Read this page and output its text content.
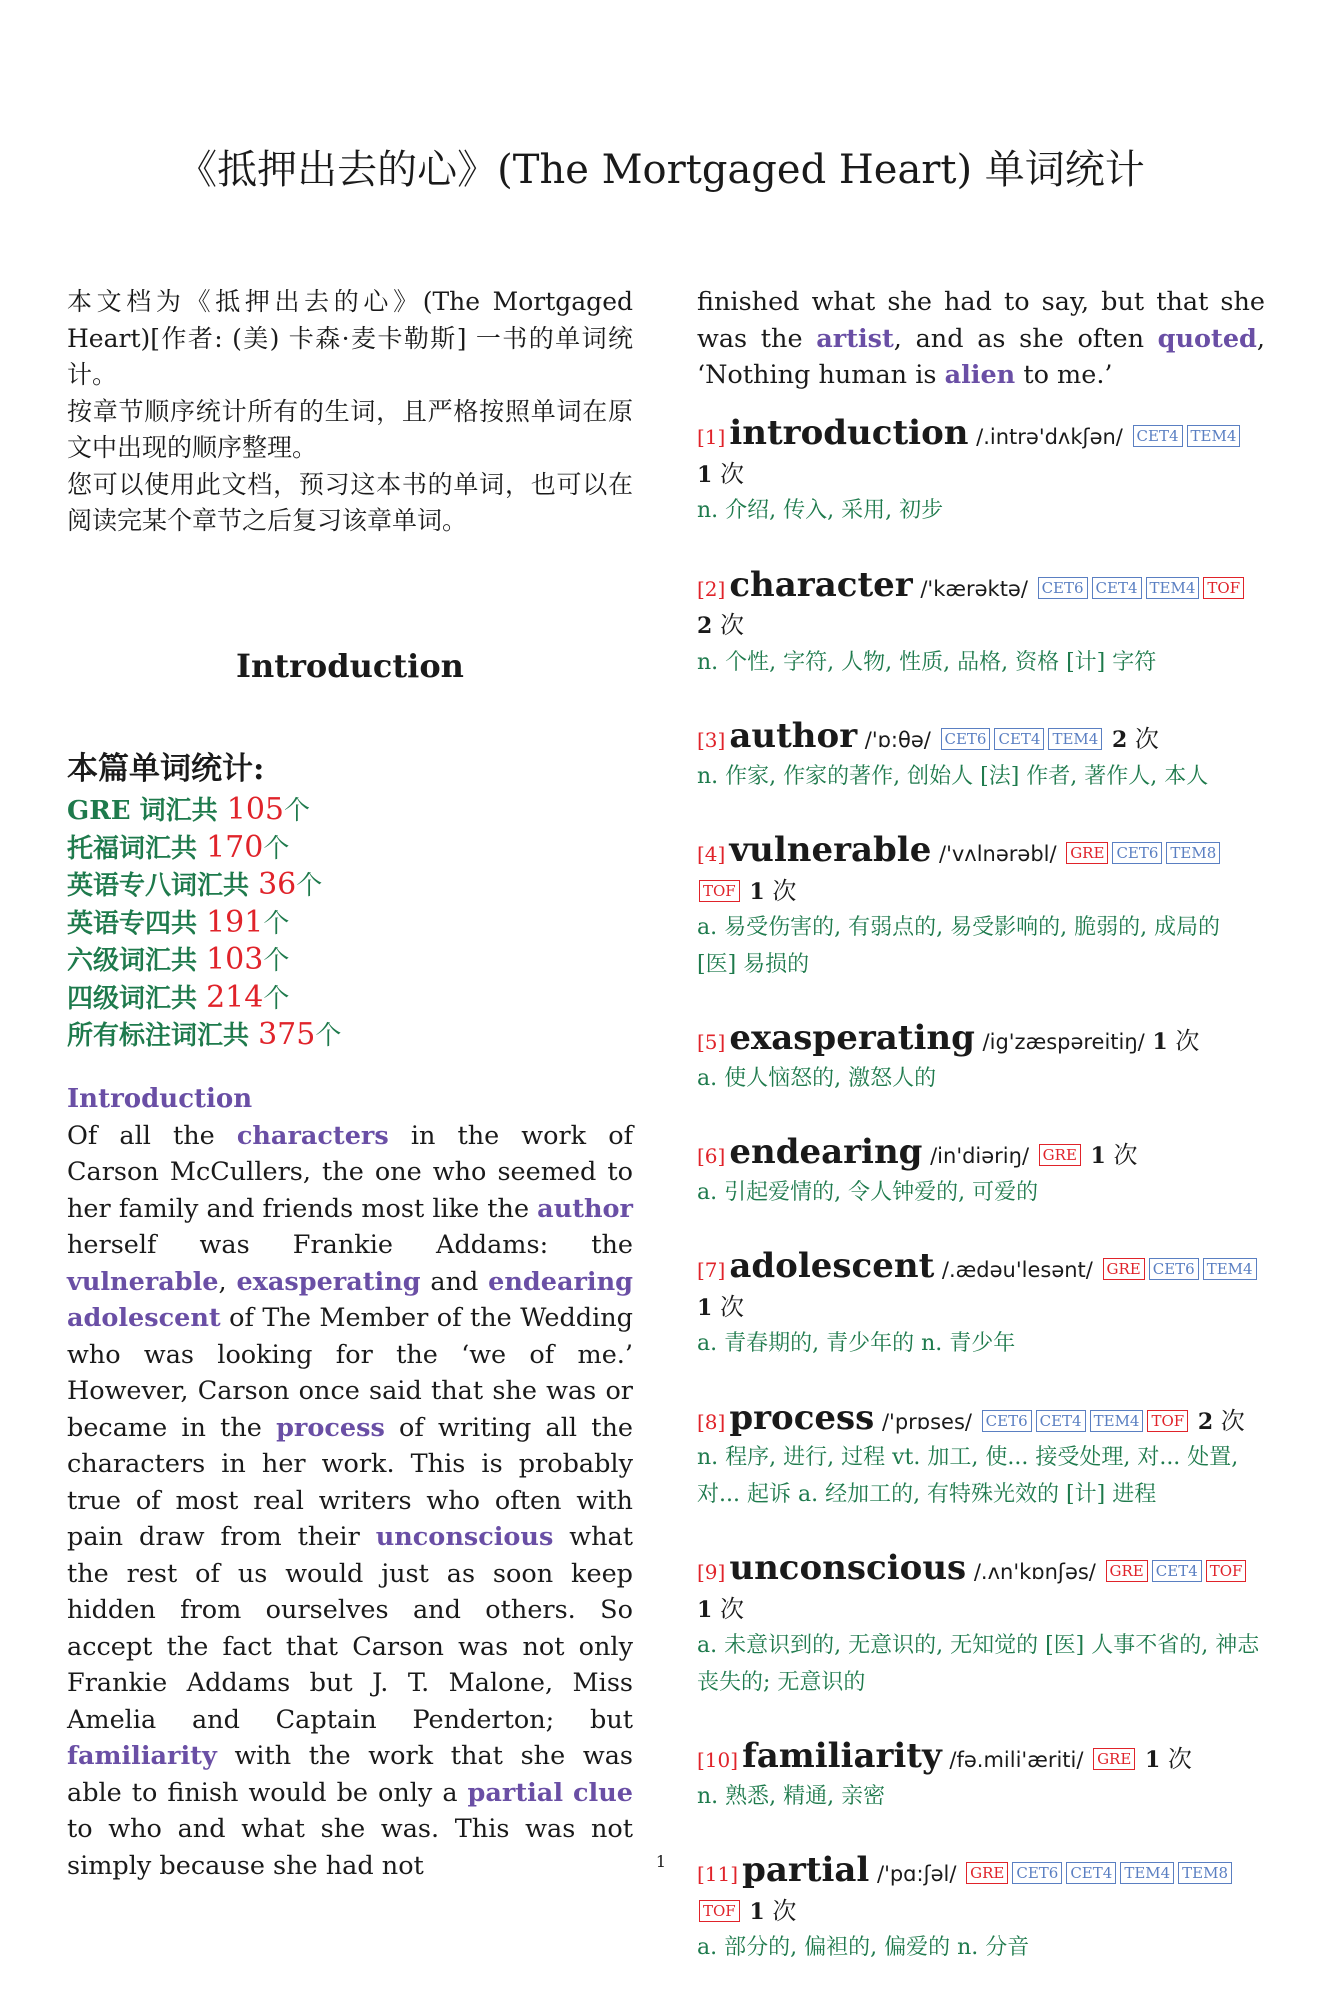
《抵押出去的心》(The Mortgaged Heart) 单词统计

本文档为《抵押出去的心》(The Mortgaged Heart)[作者: (美) 卡森·麦卡勒斯] 一书的单词统计。
按章节顺序统计所有的生词，且严格按照单词在原文中出现的顺序整理。
您可以使用此文档，预习这本书的单词，也可以在阅读完某个章节之后复习该章单词。

Introduction
本篇单词统计:
GRE 词汇共 105个
托福词汇共 170个
英语专八词汇共 36个
英语专四共 191个
六级词汇共 103个
四级词汇共 214个
所有标注词汇共 375个
Introduction

Of all the characters in the work of Carson McCullers, the one who seemed to her family and friends most like the author herself was Frankie Addams: the vulnerable, exasperating and endearing adolescent of The Member of the Wedding who was looking for the ‘we of me.’ However, Carson once said that she was or became in the process of writing all the characters in her work. This is probably true of most real writers who often with pain draw from their unconscious what the rest of us would just as soon keep hidden from ourselves and others. So accept the fact that Carson was not only Frankie Addams but J. T. Malone, Miss Amelia and Captain Penderton; but familiarity with the work that she was able to finish would be only a partial clue to who and what she was. This was not simply because she had not

finished what she had to say, but that she was the artist, and as she often quoted, ‘Nothing human is alien to me.’

[1] introduction /.intrə'dʌkʃən/ CET4 TEM4 1 次
n. 介绍, 传入, 采用, 初步
[2] character /'kærəktə/ CET6 CET4 TEM4 TOF 2 次
n. 个性, 字符, 人物, 性质, 品格, 资格 [计] 字符
[3] author /'ɒ:θə/ CET6 CET4 TEM4 2 次
n. 作家, 作家的著作, 创始人 [法] 作者, 著作人, 本人
[4] vulnerable /'vʌlnərəbl/ GRE CET6 TEM8TOF 1 次
a. 易受伤害的, 有弱点的, 易受影响的, 脆弱的, 成局的 [医] 易损的
[5] exasperating /ig'zæspəreitiŋ/ 1 次
a. 使人恼怒的, 激怒人的
[6] endearing /in'diəriŋ/ GRE 1 次
a. 引起爱情的, 令人钟爱的, 可爱的
[7] adolescent /.ædəu'lesənt/ GRE CET6 TEM4 1 次
a. 青春期的, 青少年的 n. 青少年
[8] process /'prɒses/ CET6 CET4 TEM4 TOF 2 次
n. 程序, 进行, 过程 vt. 加工, 使... 接受处理, 对... 处置, 对... 起诉 a. 经加工的, 有特殊光效的 [计] 进程
[9] unconscious /.ʌn'kɒnʃəs/ GRE CET4 TOF 1 次
a. 未意识到的, 无意识的, 无知觉的 [医] 人事不省的, 神志丧失的; 无意识的
[10] familiarity /fə.mili'æriti/ GRE 1 次
n. 熟悉, 精通, 亲密
[11] partial /'pɑ:ʃəl/ GRE CET6 CET4 TEM4 TEM8TOF 1 次
a. 部分的, 偏袒的, 偏爱的 n. 分音
1
